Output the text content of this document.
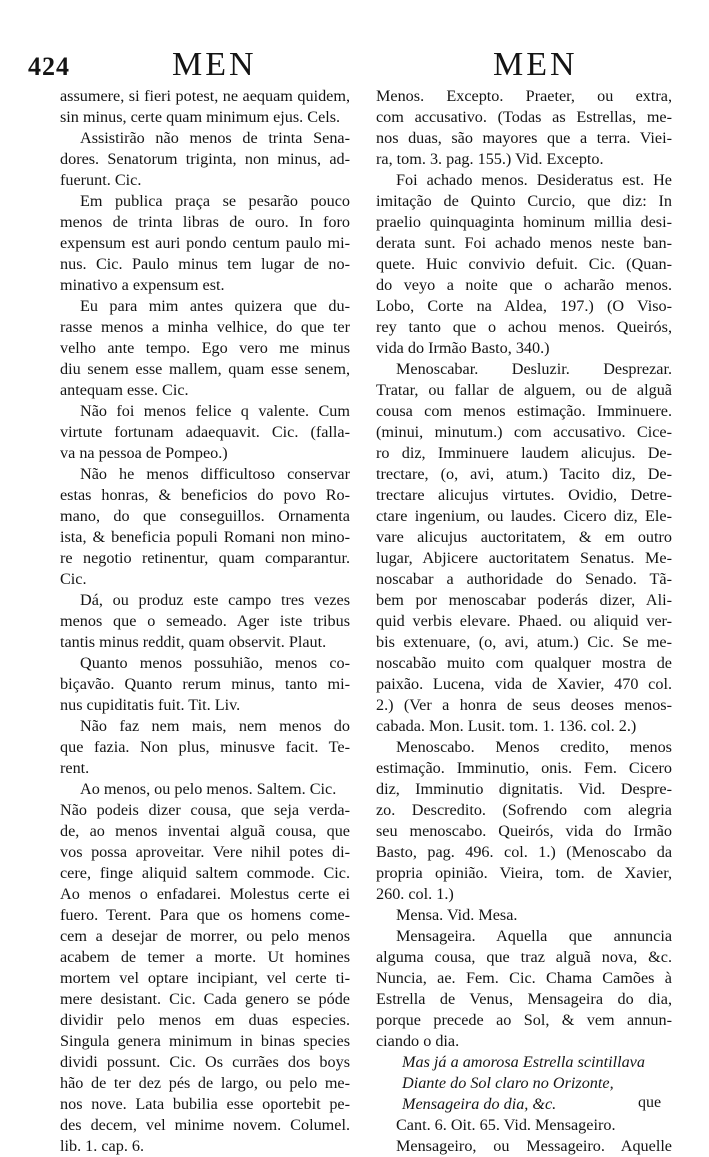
424	MEN	MEN
assumere, si fieri potest, ne aequam quidem,
sin minus, certe quam minimum ejus. Cels.
Assistirão não menos de trinta Sena-
dores. Senatorum triginta, non minus, ad-
fuerunt. Cic.
Em publica praça se pesarão pouco
menos de trinta libras de ouro. In foro
expensum est auri pondo centum paulo mi-
nus. Cic. Paulo minus tem lugar de no-
minativo a expensum est.
Eu para mim antes quizera que du-
rasse menos a minha velhice, do que ter
velho ante tempo. Ego vero me minus
diu senem esse mallem, quam esse senem,
antequam esse. Cic.
Não foi menos felice q valente. Cum
virtute fortunam adaequavit. Cic. (falla-
va na pessoa de Pompeo.)
Não he menos difficultoso conservar
estas honras, & beneficios do povo Ro-
mano, do que conseguillos. Ornamenta
ista, & beneficia populi Romani non mino-
re negotio retinentur, quam comparantur.
Cic.
Dá, ou produz este campo tres vezes
menos que o semeado. Ager iste tribus
tantis minus reddit, quam observit. Plaut.
Quanto menos possuhião, menos co-
biçavão. Quanto rerum minus, tanto mi-
nus cupiditatis fuit. Tit. Liv.
Não faz nem mais, nem menos do
que fazia. Non plus, minusve facit. Te-
rent.
Ao menos, ou pelo menos. Saltem. Cic.
Não podeis dizer cousa, que seja verda-
de, ao menos inventai alguã cousa, que
vos possa aproveitar. Vere nihil potes di-
cere, finge aliquid saltem commode. Cic.
Ao menos o enfadarei. Molestus certe ei
fuero. Terent. Para que os homens come-
cem a desejar de morrer, ou pelo menos
acabem de temer a morte. Ut homines
mortem vel optare incipiant, vel certe ti-
mere desistant. Cic. Cada genero se póde
dividir pelo menos em duas especies.
Singula genera minimum in binas species
dividi possunt. Cic. Os currães dos boys
hão de ter dez pés de largo, ou pelo me-
nos nove. Lata bubilia esse oportebit pe-
des decem, vel minime novem. Columel.
lib. 1. cap. 6.
Menos. Excepto. Praeter, ou extra,
com accusativo. (Todas as Estrellas, me-
nos duas, são mayores que a terra. Viei-
ra, tom. 3. pag. 155.) Vid. Excepto.
Foi achado menos. Desideratus est. He
imitação de Quinto Curcio, que diz: In
praelio quinquaginta hominum millia desi-
derata sunt. Foi achado menos neste ban-
quete. Huic convivio defuit. Cic. (Quan-
do veyo a noite que o acharão menos.
Lobo, Corte na Aldea, 197.) (O Viso-
rey tanto que o achou menos. Queirós,
vida do Irmão Basto, 340.)
Menoscabar. Desluzir. Desprezar.
Tratar, ou fallar de alguem, ou de alguã
cousa com menos estimação. Imminuere.
(minui, minutum.) com accusativo. Cice-
ro diz, Imminuere laudem alicujus. De-
trectare, (o, avi, atum.) Tacito diz, De-
trectare alicujus virtutes. Ovidio, Detre-
ctare ingenium, ou laudes. Cicero diz, Ele-
vare alicujus auctoritatem, & em outro
lugar, Abjicere auctoritatem Senatus. Me-
noscabar a authoridade do Senado. Tã-
bem por menoscabar poderás dizer, Ali-
quid verbis elevare. Phaed. ou aliquid ver-
bis extenuare, (o, avi, atum.) Cic. Se me-
noscabão muito com qualquer mostra de
paixão. Lucena, vida de Xavier, 470 col.
2.) (Ver a honra de seus deoses menos-
cabada. Mon. Lusit. tom. 1. 136. col. 2.)
Menoscabo. Menos credito, menos
estimação. Imminutio, onis. Fem. Cicero
diz, Imminutio dignitatis. Vid. Despre-
zo. Descredito. (Sofrendo com alegria
seu menoscabo. Queirós, vida do Irmão
Basto, pag. 496. col. 1.) (Menoscabo da
propria opinião. Vieira, tom. de Xavier,
260. col. 1.)
Mensa. Vid. Mesa.
Mensageira. Aquella que annuncia
alguma cousa, que traz alguã nova, &c.
Nuncia, ae. Fem. Cic. Chama Camões à
Estrella de Venus, Mensageira do dia,
porque precede ao Sol, & vem annun-
ciando o dia.
Mas já a amorosa Estrella scintillava
Diante do Sol claro no Orizonte,
Mensageira do dia, &c.
Cant. 6. Oit. 65. Vid. Mensageiro.
Mensageiro, ou Messageiro. Aquelle
que
